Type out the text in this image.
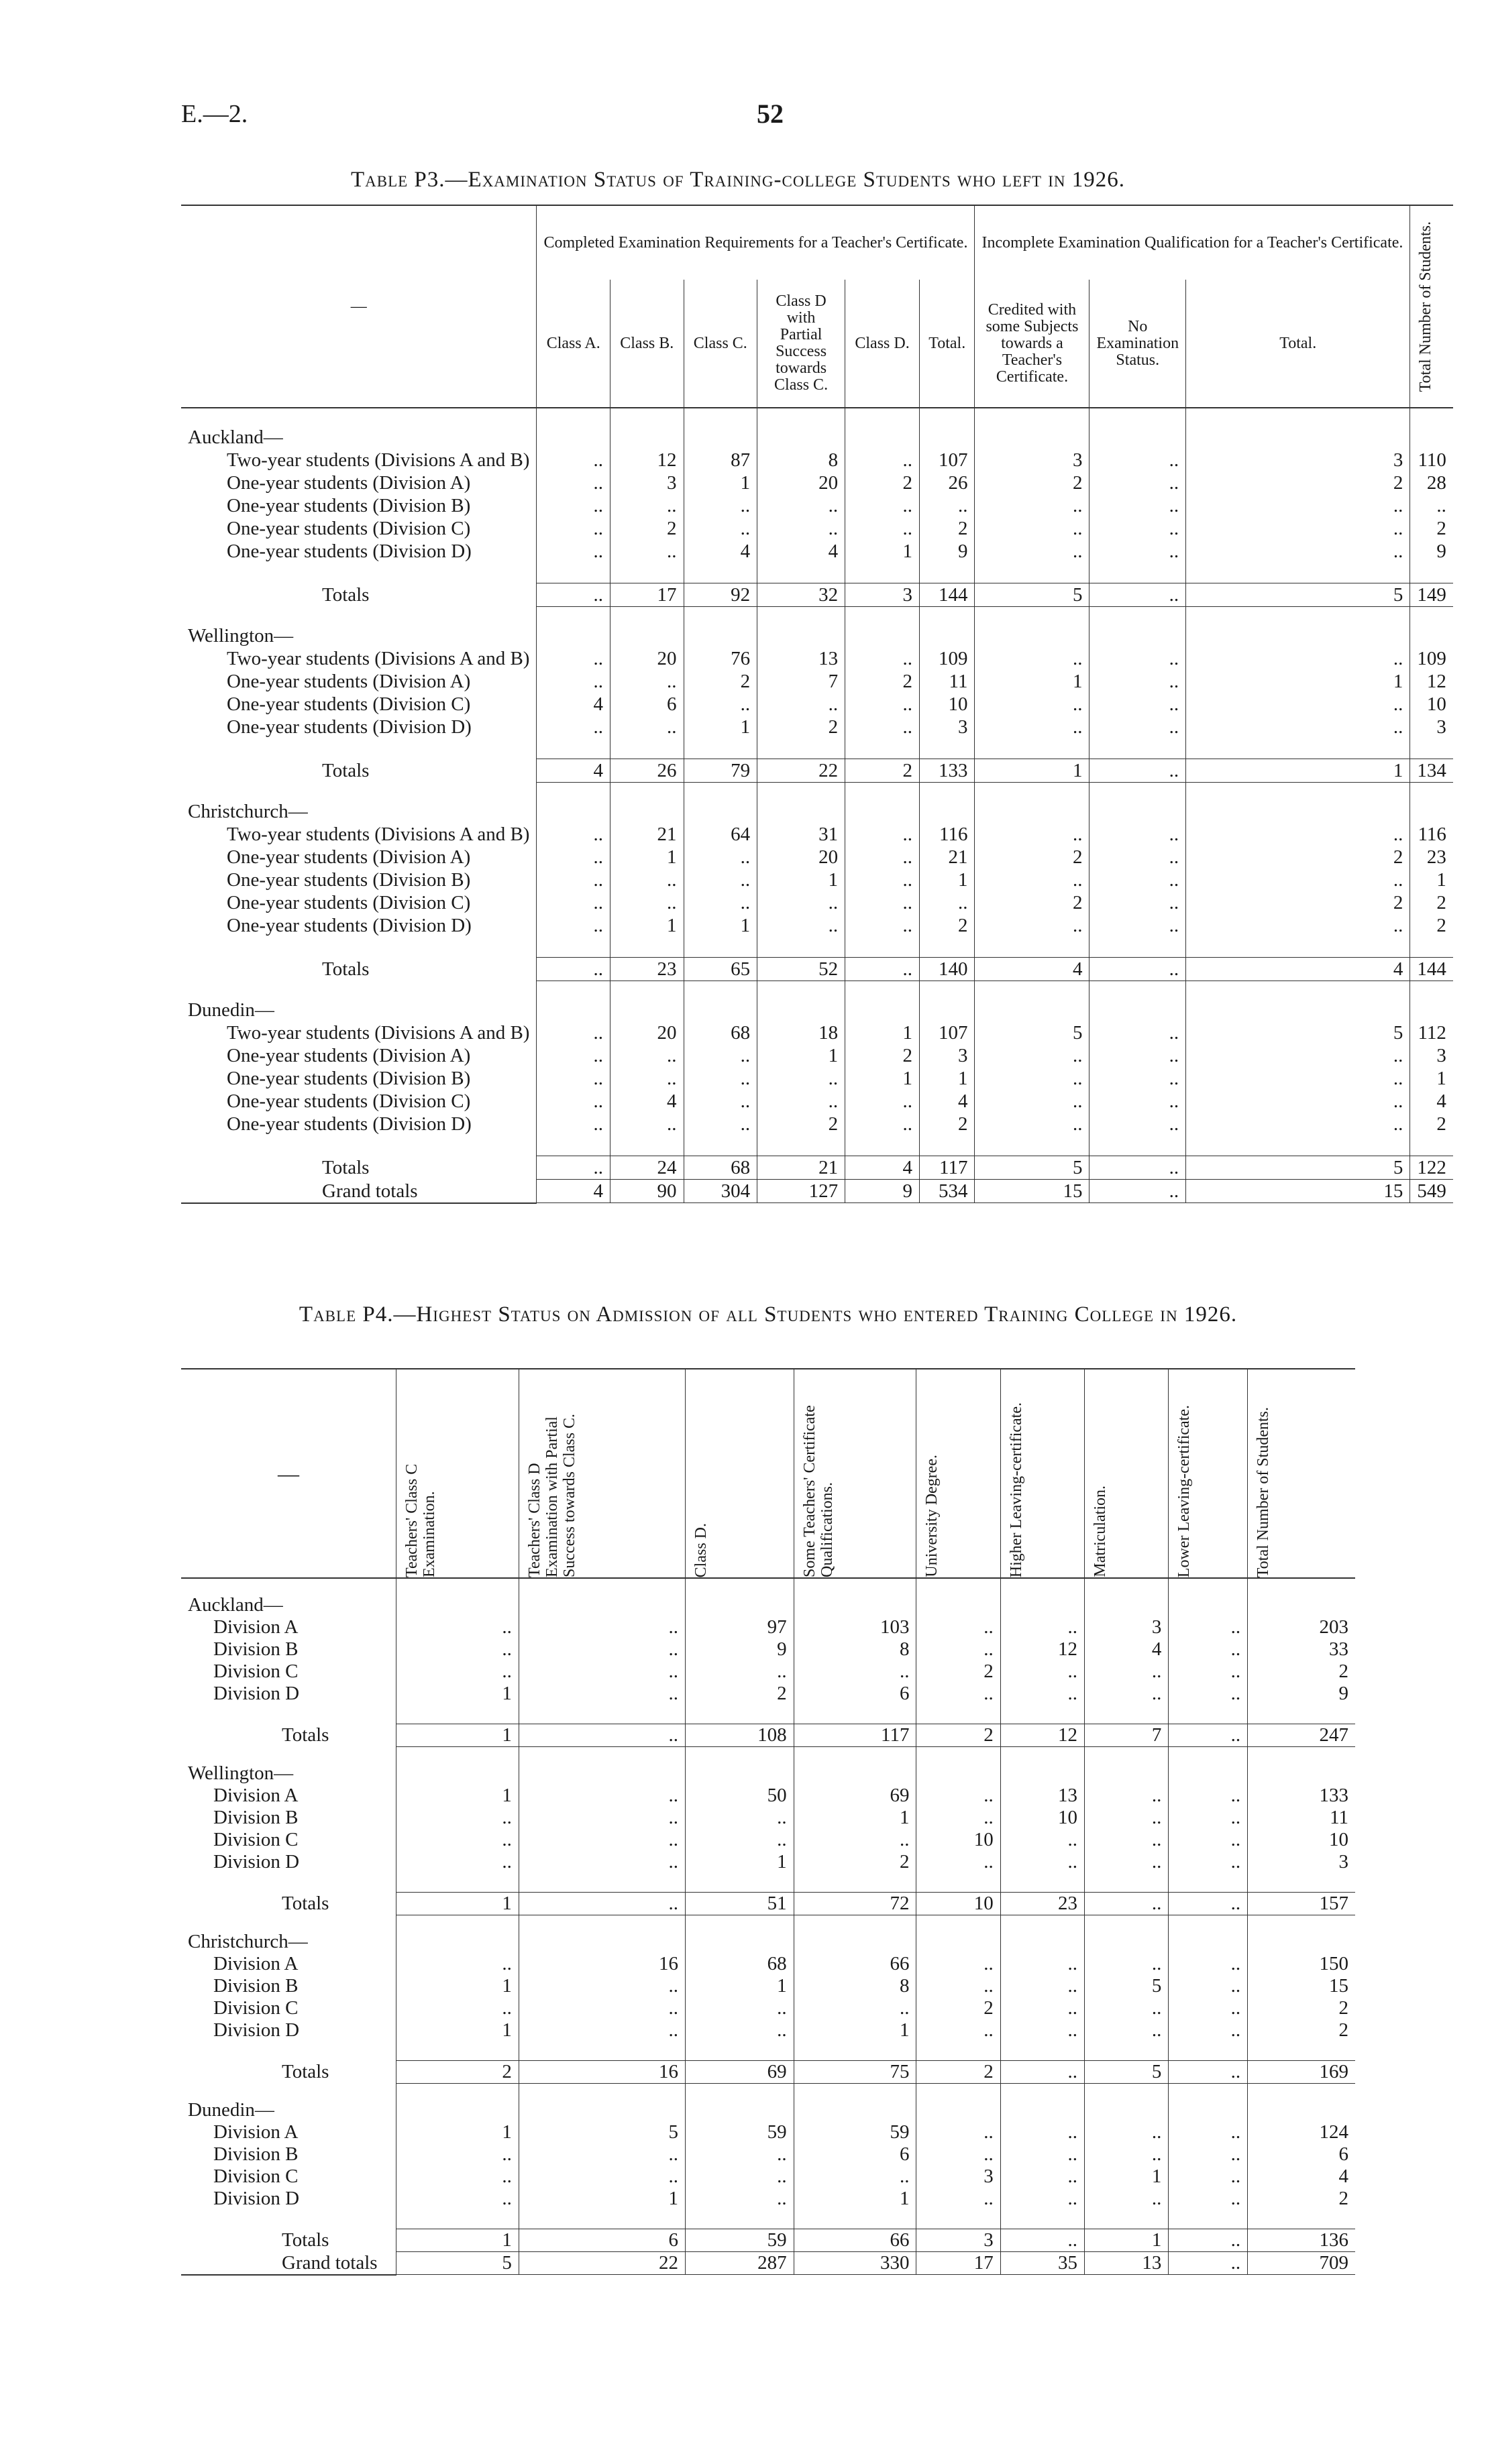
E.—2.	52
Table P3.—Examination Status of Training-college Students who left in 1926.
—	Completed Examination Requirements for a Teacher's Certificate.						Incomplete Examination Qualification for a Teacher's Certificate.			Total Number of Students.

	Class A.	Class B.	Class C.	Class D with Partial Success towards Class C.	Class D.	Total.	Credited with some Subjects towards a Teacher's Certificate.	No Examination Status.	Total.	
Auckland—										
Two-year students (Divisions A and B)	..	12	87	8	..	107	3	..	3	110
One-year students (Division A)	..	3	1	20	2	26	2	..	2	28
One-year students (Division B)	..	..	..	..	..	..	..	..	..	..
One-year students (Division C)	..	2	..	..	..	2	..	..	..	2
One-year students (Division D)	..	..	4	4	1	9	..	..	..	9

Totals	..	17	92	32	3	144	5	..	5	149
Wellington—										
Two-year students (Divisions A and B)	..	20	76	13	..	109	..	..	..	109
One-year students (Division A)	..	..	2	7	2	11	1	..	1	12
One-year students (Division C)	4	6	..	..	..	10	..	..	..	10
One-year students (Division D)	..	..	1	2	..	3	..	..	..	3

Totals	4	26	79	22	2	133	1	..	1	134
Christchurch—										
Two-year students (Divisions A and B)	..	21	64	31	..	116	..	..	..	116
One-year students (Division A)	..	1	..	20	..	21	2	..	2	23
One-year students (Division B)	..	..	..	1	..	1	..	..	..	1
One-year students (Division C)	..	..	..	..	..	..	2	..	2	2
One-year students (Division D)	..	1	1	..	..	2	..	..	..	2

Totals	..	23	65	52	..	140	4	..	4	144
Dunedin—										
Two-year students (Divisions A and B)	..	20	68	18	1	107	5	..	5	112
One-year students (Division A)	..	..	..	1	2	3	..	..	..	3
One-year students (Division B)	..	..	..	..	1	1	..	..	..	1
One-year students (Division C)	..	4	..	..	..	4	..	..	..	4
One-year students (Division D)	..	..	..	2	..	2	..	..	..	2

Totals	..	24	68	21	4	117	5	..	5	122
Grand totals	4	90	304	127	9	534	15	..	15	549
Table P4.—Highest Status on Admission of all Students who entered Training College in 1926.
—	Teachers' Class C Examination.	Teachers' Class D Examination with Partial Success towards Class C.	Class D.	Some Teachers' Certificate Qualifications.	University Degree.	Higher Leaving-certificate.	Matriculation.	Lower Leaving-certificate.	Total Number of Students.

Auckland—									
Division A	..	..	97	103	..	..	3	..	203
Division B	..	..	9	8	..	12	4	..	33
Division C	..	..	..	..	2	..	..	..	2
Division D	1	..	2	6	..	..	..	..	9

Totals	1	..	108	117	2	12	7	..	247
Wellington—									
Division A	1	..	50	69	..	13	..	..	133
Division B	..	..	..	1	..	10	..	..	11
Division C	..	..	..	..	10	..	..	..	10
Division D	..	..	1	2	..	..	..	..	3

Totals	1	..	51	72	10	23	..	..	157
Christchurch—									
Division A	..	16	68	66	..	..	..	..	150
Division B	1	..	1	8	..	..	5	..	15
Division C	..	..	..	..	2	..	..	..	2
Division D	1	..	..	1	..	..	..	..	2

Totals	2	16	69	75	2	..	5	..	169
Dunedin—									
Division A	1	5	59	59	..	..	..	..	124
Division B	..	..	..	6	..	..	..	..	6
Division C	..	..	..	..	3	..	1	..	4
Division D	..	1	..	1	..	..	..	..	2

Totals	1	6	59	66	3	..	1	..	136
Grand totals	5	22	287	330	17	35	13	..	709
